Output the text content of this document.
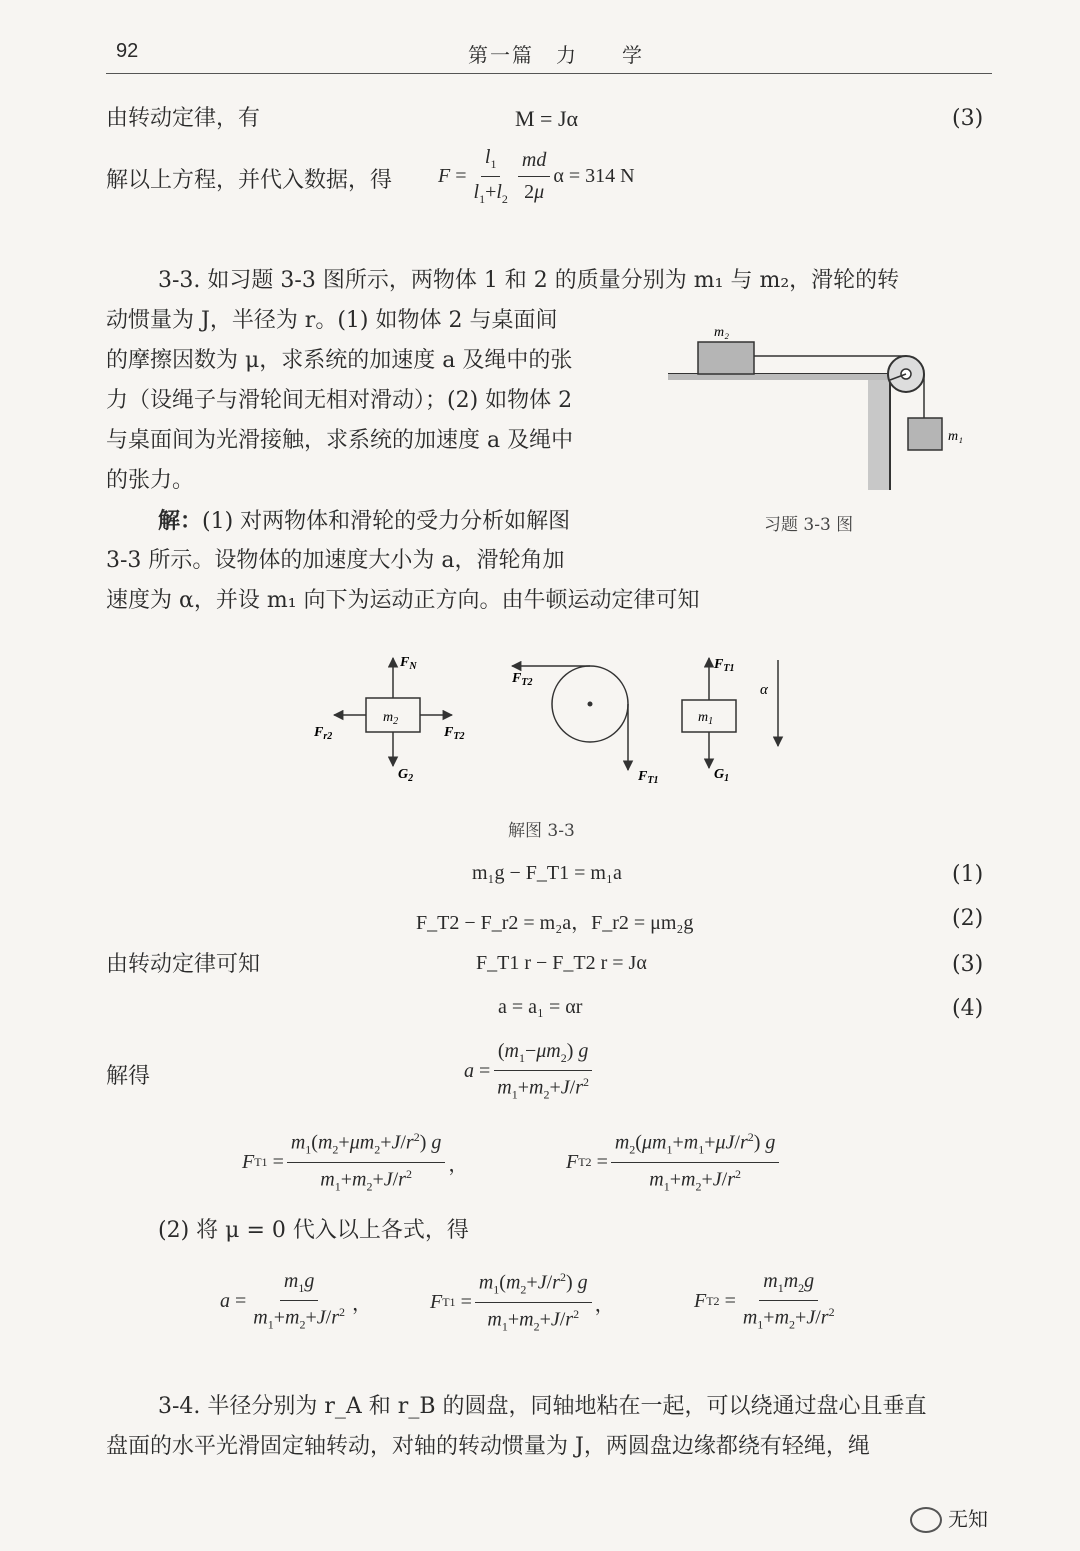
92	第一篇　力　　学
由转动定律，有	M = Jα	(3)
解以上方程，并代入数据，得 $F = \frac{l_1}{l_1+l_2} \frac{md}{2\mu}$ α = 314 N
3-3. 如习题 3-3 图所示，两物体 1 和 2 的质量分别为 m₁ 与 m₂，滑轮的转
动惯量为 J，半径为 r。(1) 如物体 2 与桌面间
的摩擦因数为 μ，求系统的加速度 a 及绳中的张
力（设绳子与滑轮间无相对滑动）；(2) 如物体 2
与桌面间为光滑接触，求系统的加速度 a 及绳中
的张力。
m₂
m₁
习题 3-3 图
解：(1) 对两物体和滑轮的受力分析如解图
3-3 所示。设物体的加速度大小为 a，滑轮角加
速度为 α，并设 m₁ 向下为运动正方向。由牛顿运动定律可知
$m_2$
$F_N$
$F_{r2}$	$F_{T2}$
$G_2$
$F_{T2}$
$F_{T1}$
$m_1$
$F_{T1}$
$G_1$
α
解图 3-3
m₁g − F_T1 = m₁a	(1)
F_T2 − F_r2 = m₂a，F_r2 = μm₂g	(2)
由转动定律可知	F_T1 r − F_T2 r = Jα	(3)
a = a₁ = αr	(4)
解得	$a = \frac{(m_1-\mu m_2) g}{m_1+m_2+J/r^2}$
F $T1 = \frac{m_1(m_2+\mu m_2+J/r^2) g}{m_1+m_2+J/r^2}$ ，	F $T2 = \frac{m_2(\mu m_1+m_1+\mu J/r^2) g}{m_1+m_2+J/r^2}$
(2) 将 μ = 0 代入以上各式，得
$a = \frac{m_1g}{m_1+m_2+J/r^2}$ ，	F $T1 = \frac{m_1(m_2+J/r^2) g}{m_1+m_2+J/r^2}$ ，	F $T2 = \frac{m_1m_2g}{m_1+m_2+J/r^2}$
3-4. 半径分别为 r_A 和 r_B 的圆盘，同轴地粘在一起，可以绕通过盘心且垂直
盘面的水平光滑固定轴转动，对轴的转动惯量为 J，两圆盘边缘都绕有轻绳，绳
无知
